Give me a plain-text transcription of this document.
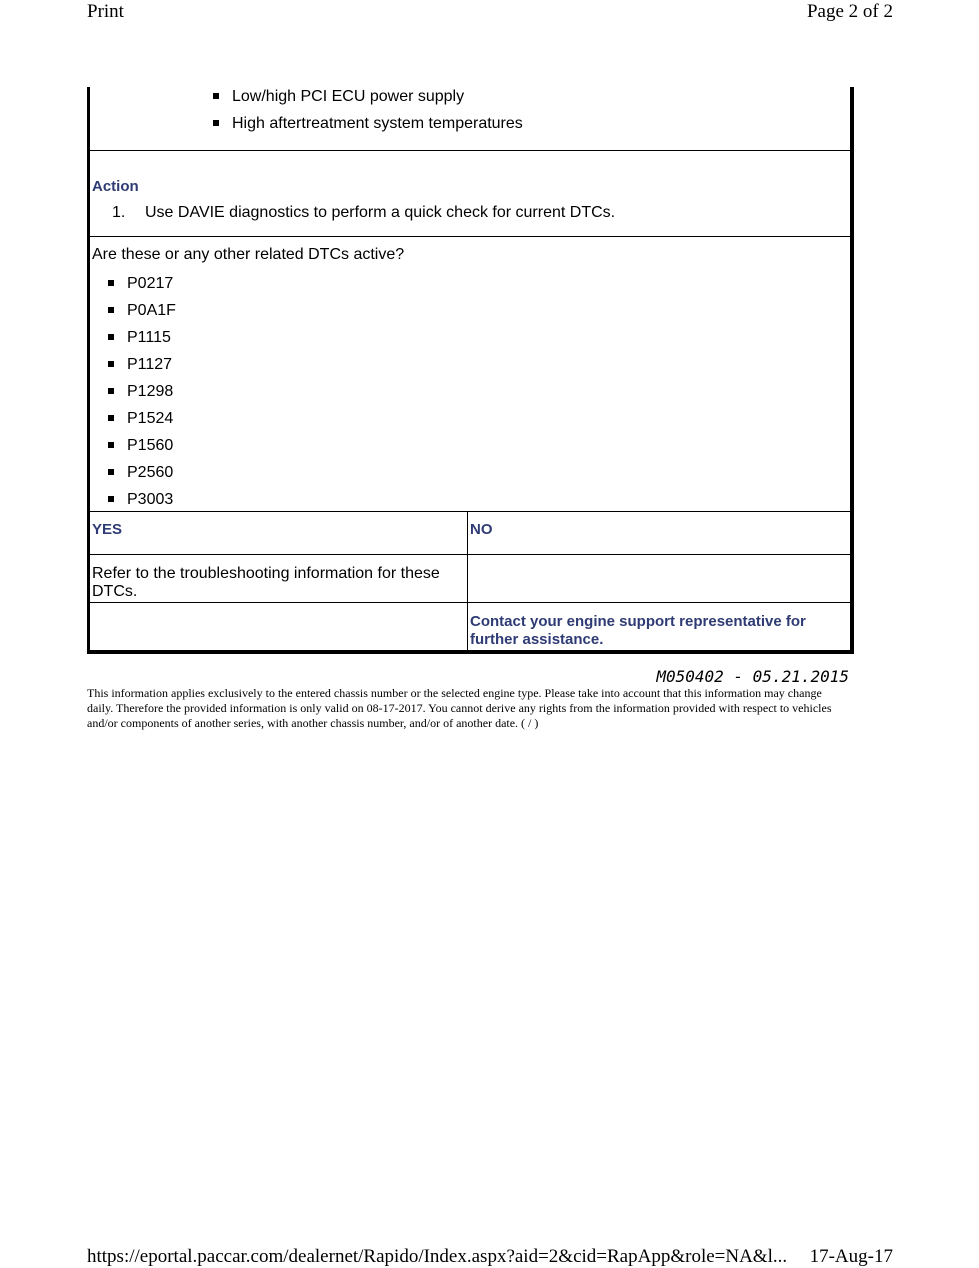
Print	Page 2 of 2
Low/high PCI ECU power supply
High aftertreatment system temperatures
Action
1. Use DAVIE diagnostics to perform a quick check for current DTCs.
Are these or any other related DTCs active?
P0217
P0A1F
P1115
P1127
P1298
P1524
P1560
P2560
P3003
YES	NO
Refer to the troubleshooting information for these DTCs.
Contact your engine support representative for further assistance.
M050402 - 05.21.2015
This information applies exclusively to the entered chassis number or the selected engine type. Please take into account that this information may change daily. Therefore the provided information is only valid on 08-17-2017. You cannot derive any rights from the information provided with respect to vehicles and/or components of another series, with another chassis number, and/or of another date. ( / )
https://eportal.paccar.com/dealernet/Rapido/Index.aspx?aid=2&cid=RapApp&role=NA&l... 17-Aug-17
